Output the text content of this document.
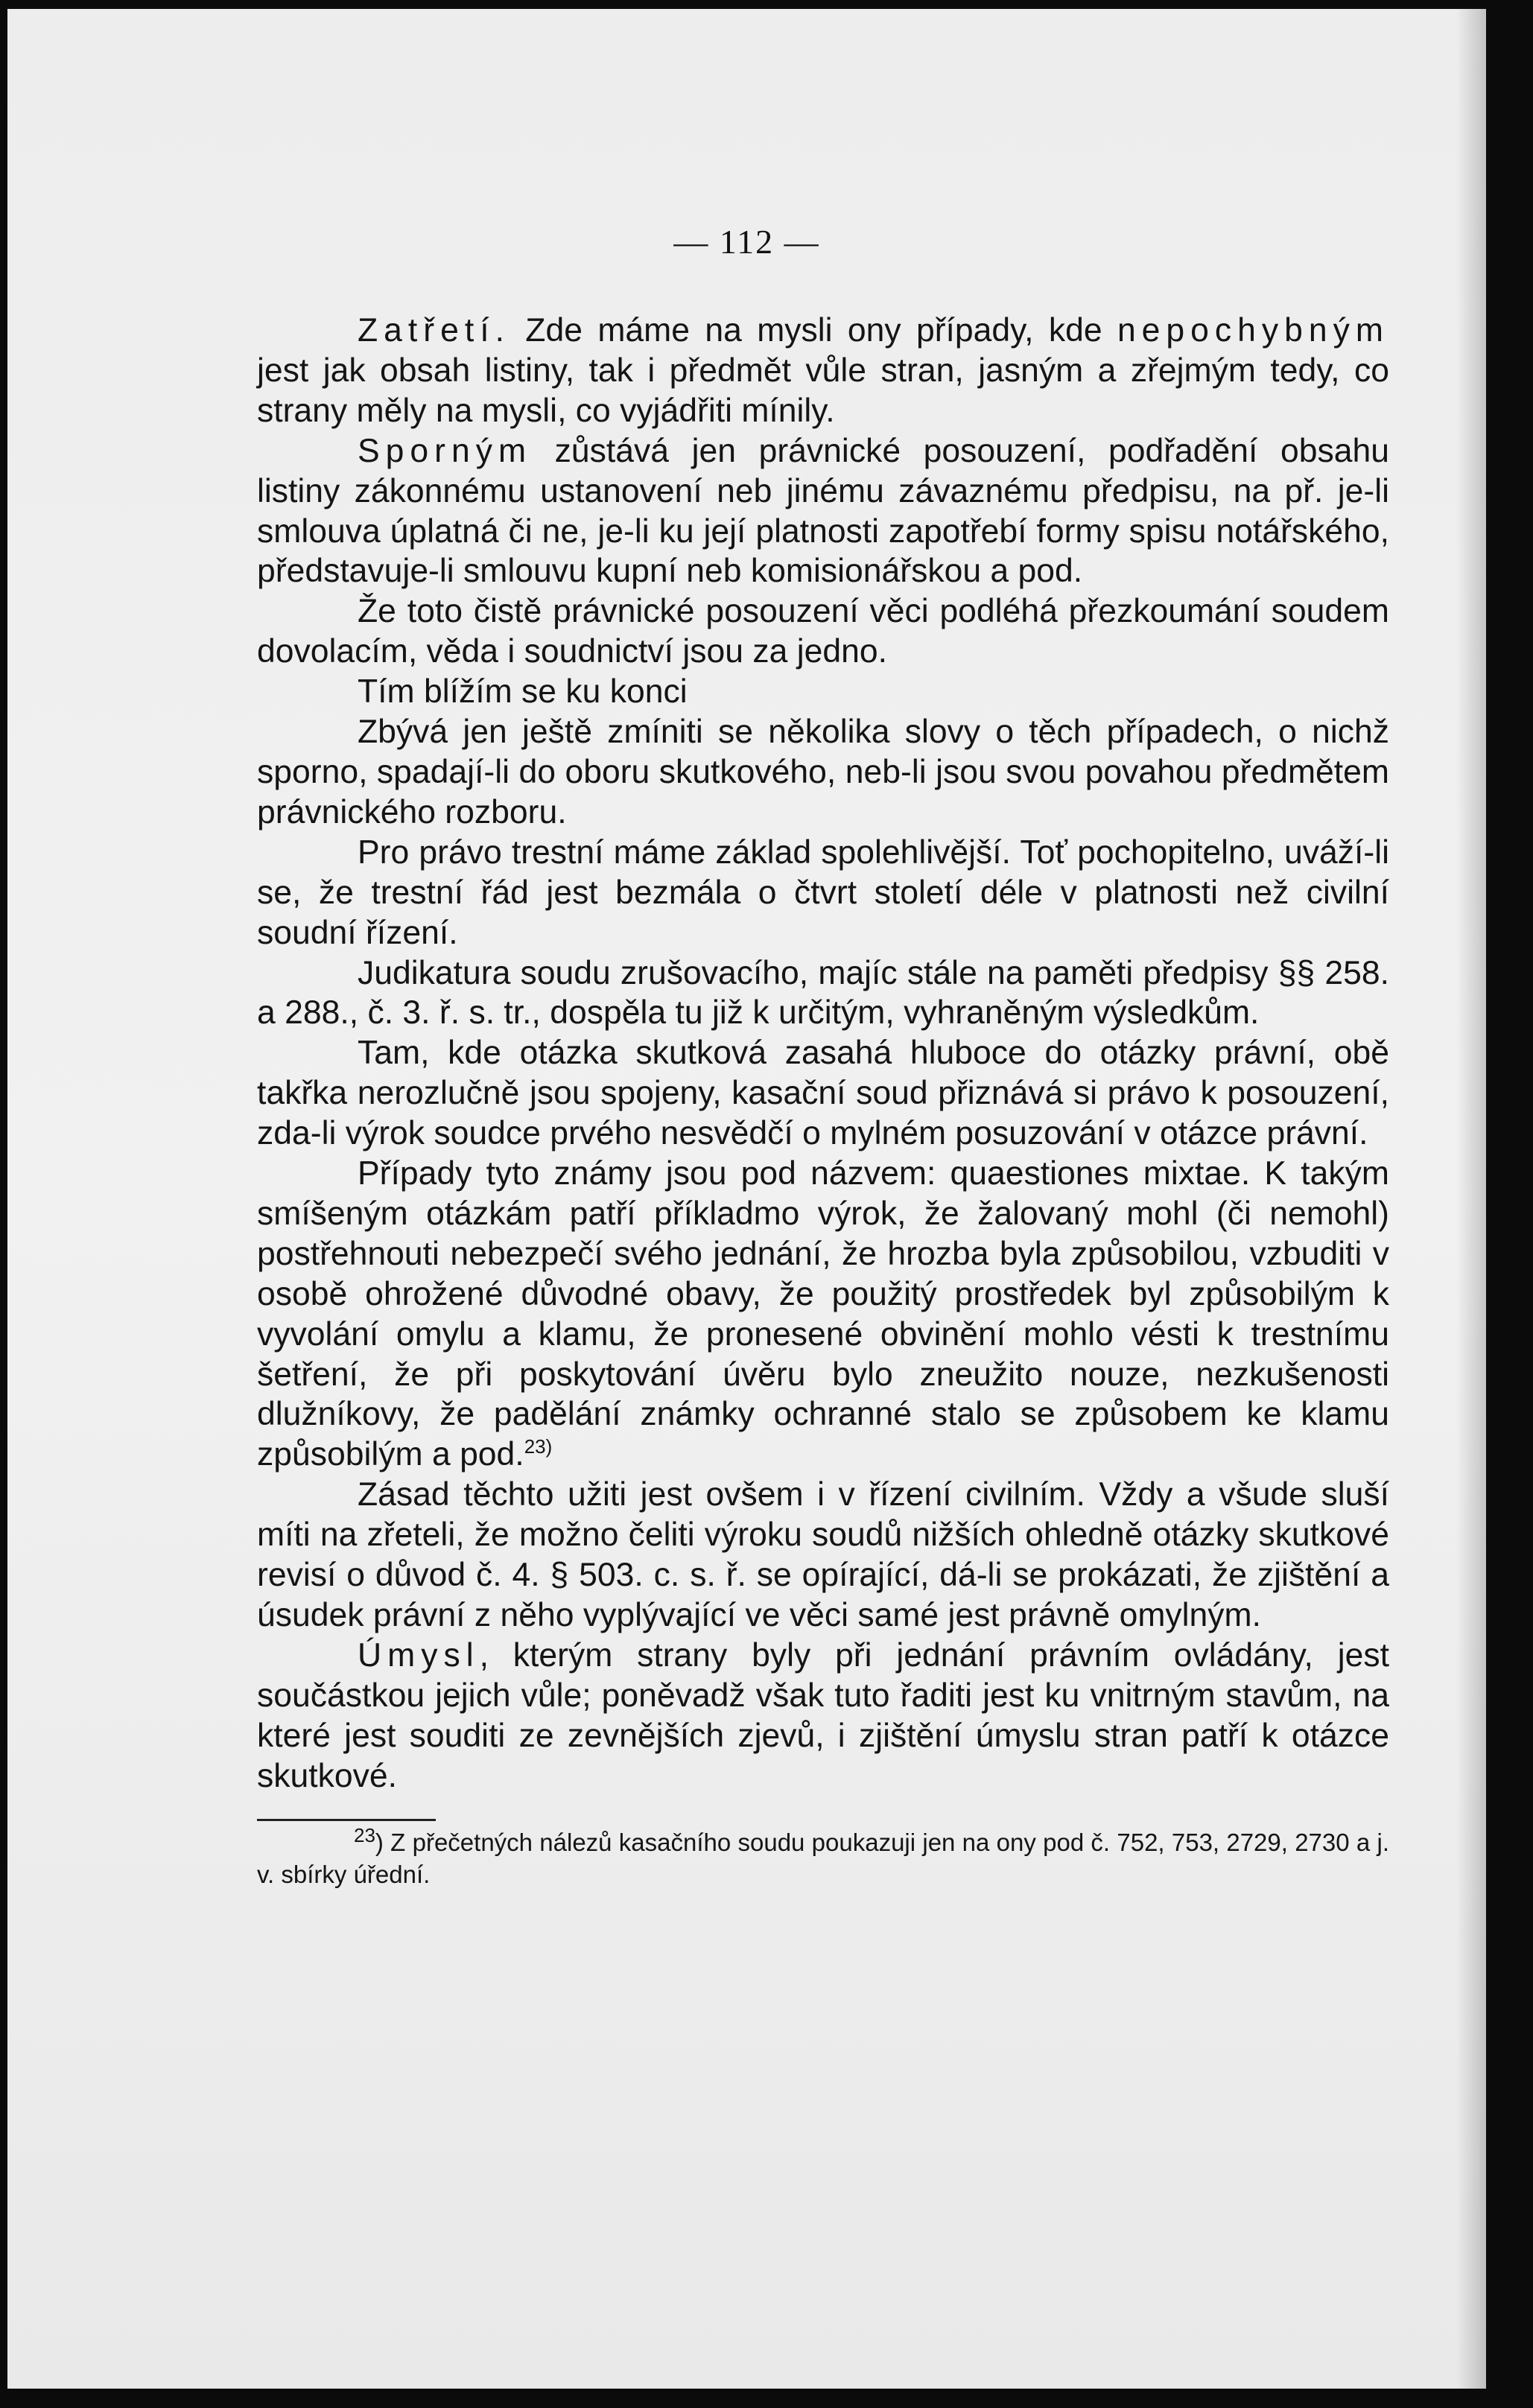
— 112 —

Zatřetí. Zde máme na mysli ony případy, kde nepochybným jest jak obsah listiny, tak i předmět vůle stran, jasným a zřejmým tedy, co strany měly na mysli, co vyjádřiti mínily.

Sporným zůstává jen právnické posouzení, podřadění obsahu listiny zákonnému ustanovení neb jinému závaznému předpisu, na př. je-li smlouva úplatná či ne, je-li ku její platnosti zapotřebí formy spisu notářského, představuje-li smlouvu kupní neb komisionářskou a pod.

Že toto čistě právnické posouzení věci podléhá přezkoumání soudem dovolacím, věda i soudnictví jsou za jedno.

Tím blížím se ku konci

Zbývá jen ještě zmíniti se několika slovy o těch případech, o nichž sporno, spadají-li do oboru skutkového, neb-li jsou svou povahou předmětem právnického rozboru.

Pro právo trestní máme základ spolehlivější. Toť pochopitelno, uváží-li se, že trestní řád jest bezmála o čtvrt století déle v platnosti než civilní soudní řízení.

Judikatura soudu zrušovacího, majíc stále na paměti předpisy §§ 258. a 288., č. 3. ř. s. tr., dospěla tu již k určitým, vyhraněným výsledkům.

Tam, kde otázka skutková zasahá hluboce do otázky právní, obě takřka nerozlučně jsou spojeny, kasační soud přiznává si právo k posouzení, zda-li výrok soudce prvého nesvědčí o mylném posuzování v otázce právní.

Případy tyto známy jsou pod názvem: quaestiones mixtae. K takým smíšeným otázkám patří příkladmo výrok, že žalovaný mohl (či nemohl) postřehnouti nebezpečí svého jednání, že hrozba byla způsobilou, vzbuditi v osobě ohrožené důvodné obavy, že použitý prostředek byl způsobilým k vyvolání omylu a klamu, že pronesené obvinění mohlo vésti k trestnímu šetření, že při poskytování úvěru bylo zneužito nouze, nezkušenosti dlužníkovy, že padělání známky ochranné stalo se způsobem ke klamu způsobilým a pod.$^{23)}$

Zásad těchto užiti jest ovšem i v řízení civilním. Vždy a všude sluší míti na zřeteli, že možno čeliti výroku soudů nižších ohledně otázky skutkové revisí o důvod č. 4. § 503. c. s. ř. se opírající, dá-li se prokázati, že zjištění a úsudek právní z něho vyplývající ve věci samé jest právně omylným.

Úmysl, kterým strany byly při jednání právním ovládány, jest součástkou jejich vůle; poněvadž však tuto řaditi jest ku vnitrným stavům, na které jest souditi ze zevnějších zjevů, i zjištění úmyslu stran patří k otázce skutkové.

$^{23}$) Z přečetných nálezů kasačního soudu poukazuji jen na ony pod č. 752, 753, 2729, 2730 a j. v. sbírky úřední.
